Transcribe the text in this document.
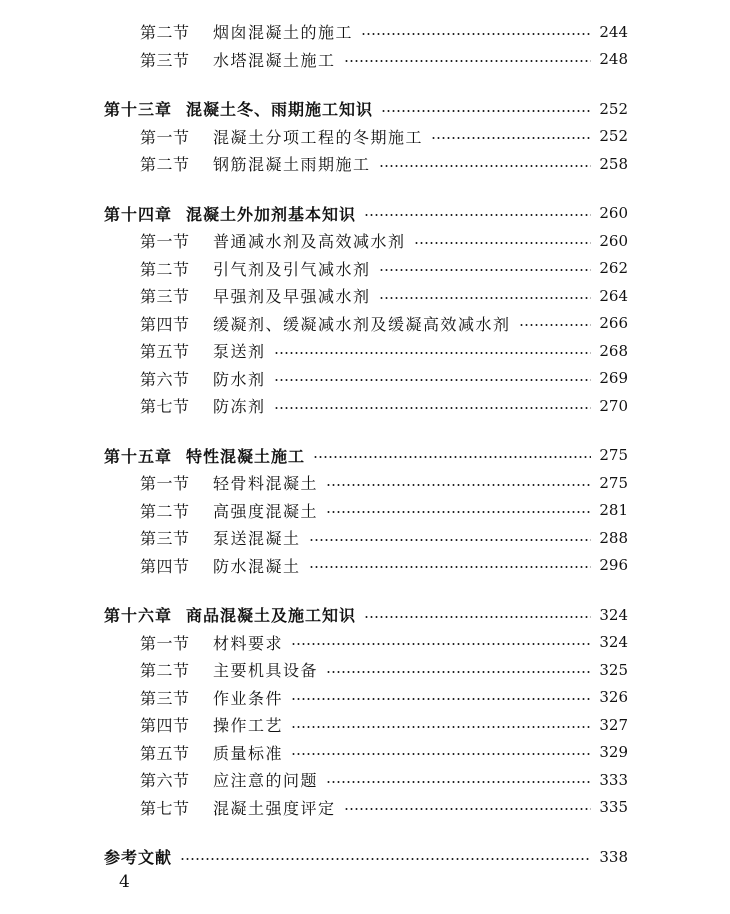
第二节	烟囱混凝土的施工	244
第三节	水塔混凝土施工	248
第十三章 混凝土冬、雨期施工知识	252
第一节	混凝土分项工程的冬期施工	252
第二节	钢筋混凝土雨期施工	258
第十四章 混凝土外加剂基本知识	260
第一节	普通减水剂及高效减水剂	260
第二节	引气剂及引气减水剂	262
第三节	早强剂及早强减水剂	264
第四节	缓凝剂、缓凝减水剂及缓凝高效减水剂	266
第五节	泵送剂	268
第六节	防水剂	269
第七节	防冻剂	270
第十五章 特性混凝土施工	275
第一节	轻骨料混凝土	275
第二节	高强度混凝土	281
第三节	泵送混凝土	288
第四节	防水混凝土	296
第十六章 商品混凝土及施工知识	324
第一节	材料要求	324
第二节	主要机具设备	325
第三节	作业条件	326
第四节	操作工艺	327
第五节	质量标准	329
第六节	应注意的问题	333
第七节	混凝土强度评定	335
参考文献	338
4
